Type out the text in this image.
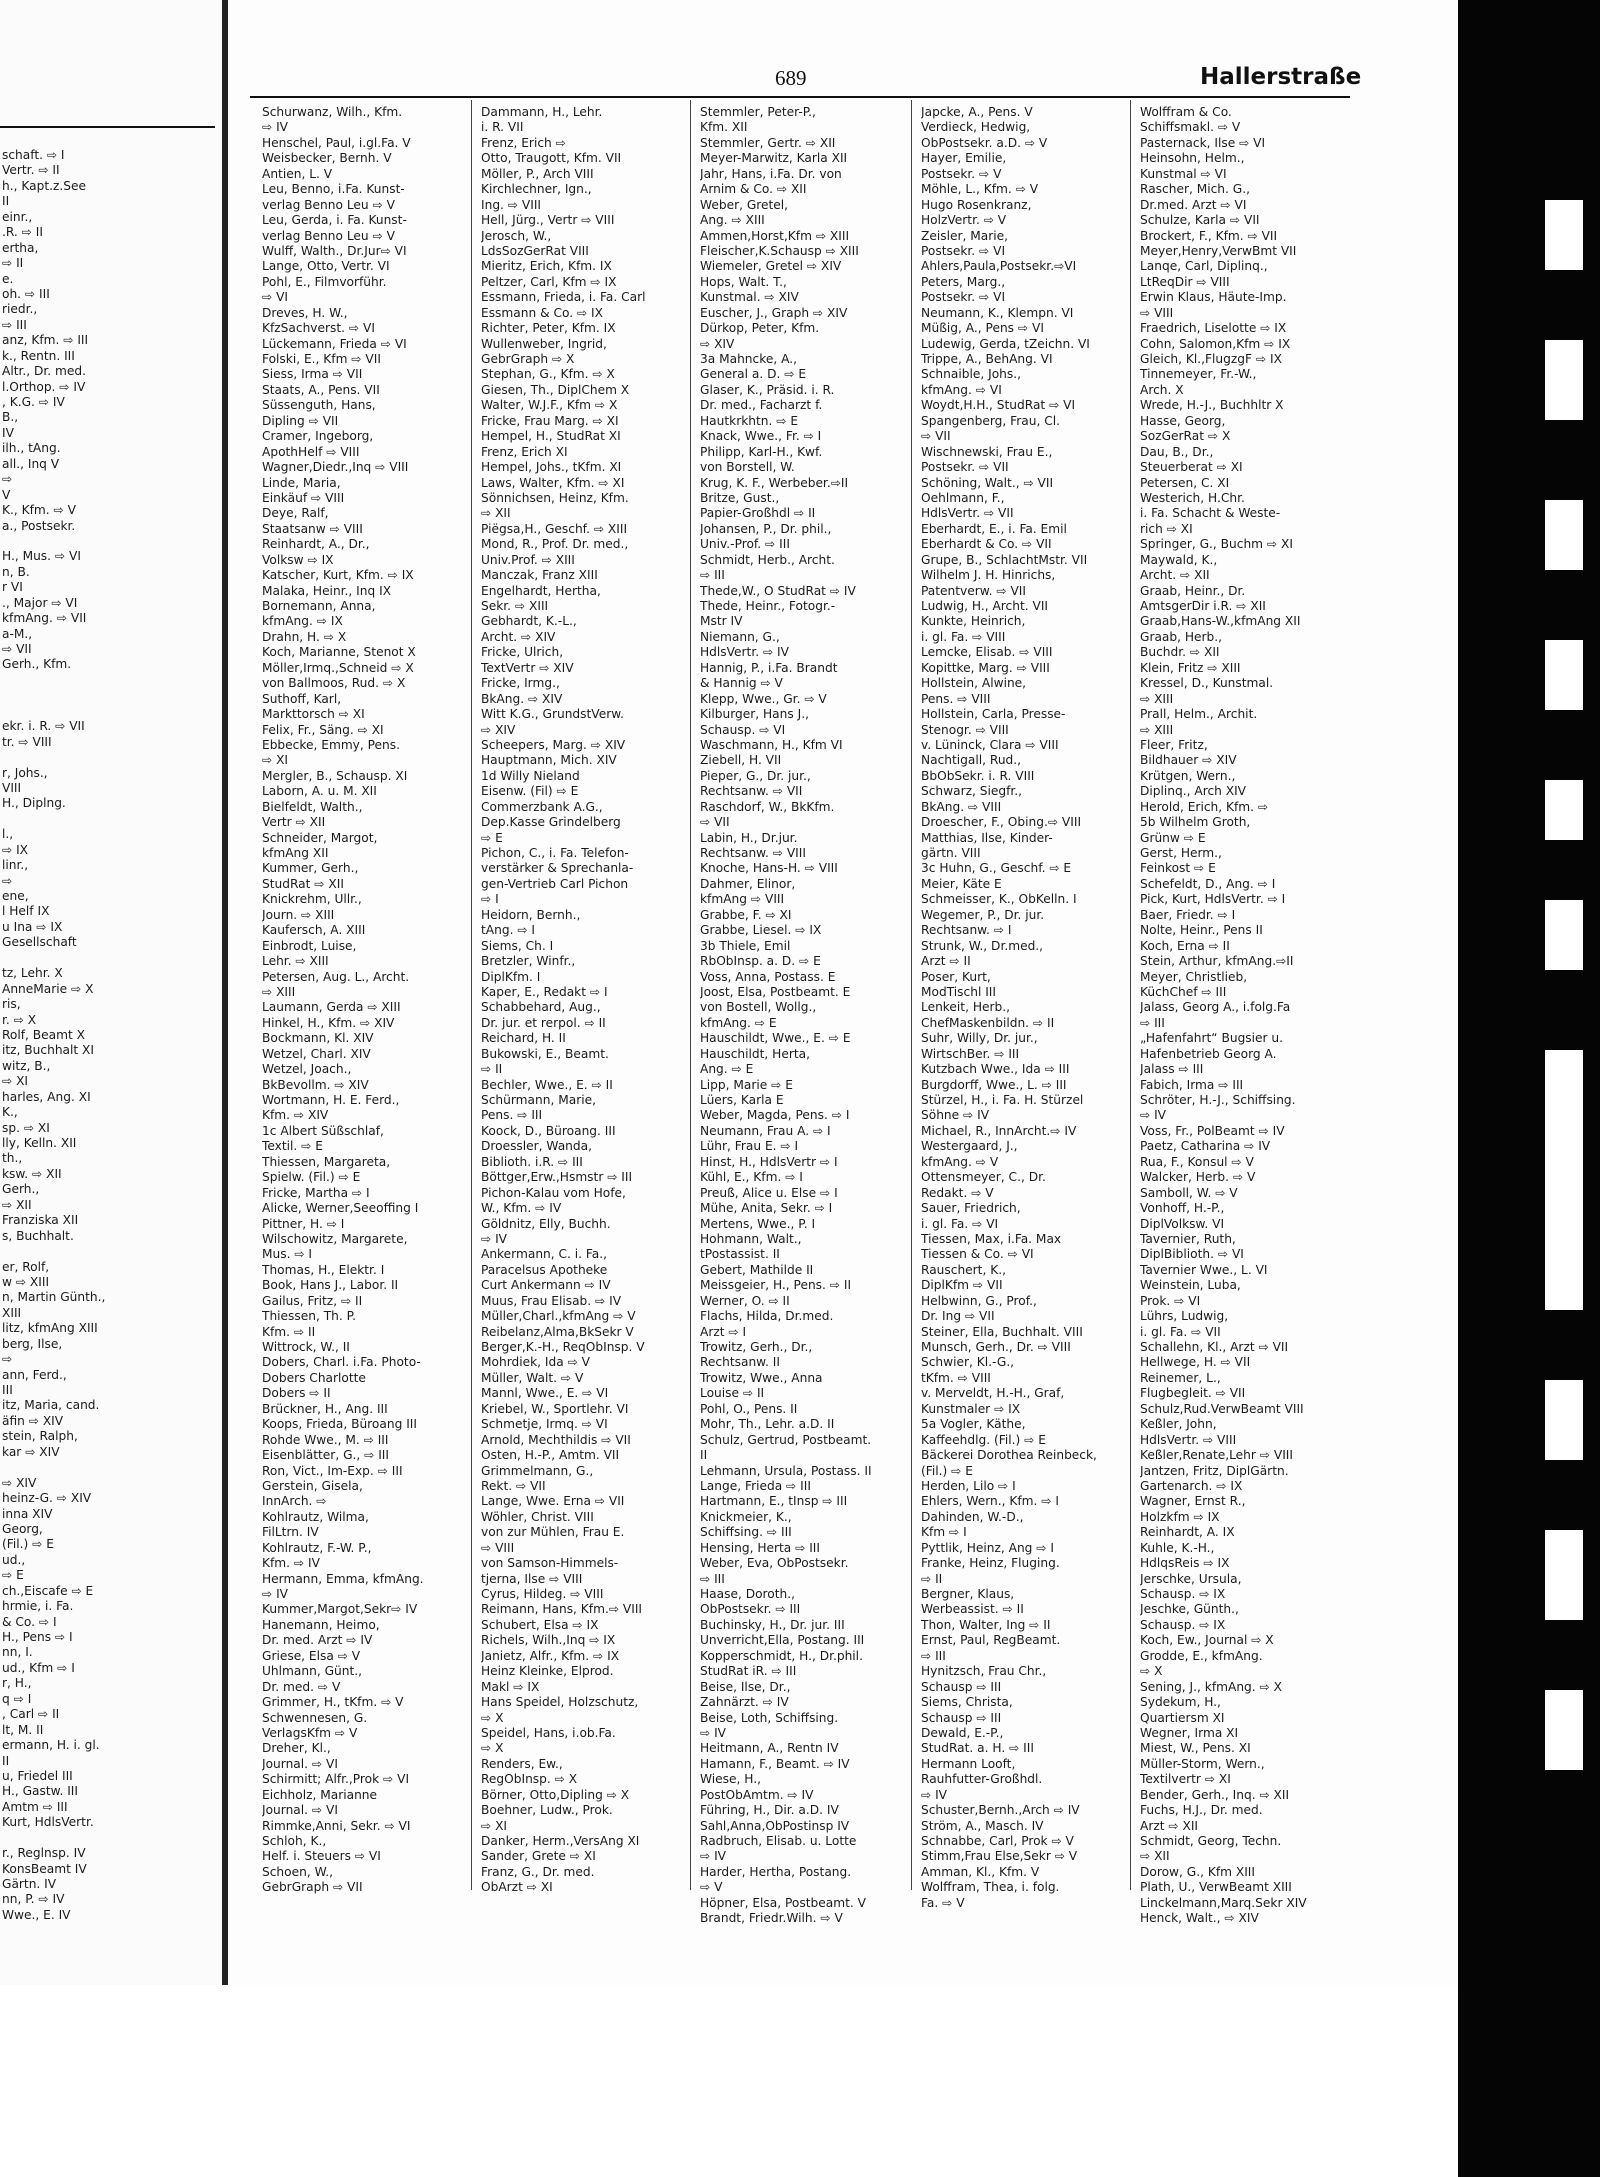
schaft. ⇨ I
Vertr. ⇨ II
h., Kapt.z.See
II
einr.,
.R. ⇨ II
ertha,
⇨ II
e.
oh. ⇨ III
riedr.,
⇨ III
anz, Kfm. ⇨ III
k., Rentn. III
Altr., Dr. med.
l.Orthop. ⇨ IV
, K.G. ⇨ IV
B.,
IV
ilh., tAng.
all., Inq V
⇨
V
K., Kfm. ⇨ V
a., Postsekr.
H., Mus. ⇨ VI
n, B.
r VI
., Major ⇨ VI
kfmAng. ⇨ VII
a-M.,
⇨ VII
Gerh., Kfm.
ekr. i. R. ⇨ VII
tr. ⇨ VIII
r, Johs.,
VIII
H., Diplng.
l.,
⇨ IX
linr.,
⇨
ene,
l Helf IX
u Ina ⇨ IX
Gesellschaft
tz, Lehr. X
AnneMarie ⇨ X
ris,
r. ⇨ X
Rolf, Beamt X
itz, Buchhalt XI
witz, B.,
⇨ XI
harles, Ang. XI
K.,
sp. ⇨ XI
lly, Kelln. XII
th.,
ksw. ⇨ XII
Gerh.,
⇨ XII
Franziska XII
s, Buchhalt.
er, Rolf,
w ⇨ XIII
n, Martin Günth.,
XIII
litz, kfmAng XIII
berg, Ilse,
⇨
ann, Ferd.,
III
itz, Maria, cand.
äfin ⇨ XIV
stein, Ralph,
kar ⇨ XIV
⇨ XIV
heinz-G. ⇨ XIV
inna XIV
Georg,
(Fil.) ⇨ E
ud.,
⇨ E
ch.,Eiscafe ⇨ E
hrmie, i. Fa.
& Co. ⇨ I
H., Pens ⇨ I
nn, I.
ud., Kfm ⇨ I
r, H.,
q ⇨ I
, Carl ⇨ II
lt, M. II
ermann, H. i. gl.
II
u, Friedel III
H., Gastw. III
Amtm ⇨ III
Kurt, HdlsVertr.
r., Reglnsp. IV
KonsBeamt IV
Gärtn. IV
nn, P. ⇨ IV
Wwe., E. IV
689	Hallerstraße
Schurwanz, Wilh., Kfm.
⇨ IV
Henschel, Paul, i.gl.Fa. V
Weisbecker, Bernh. V
Antien, L. V
Leu, Benno, i.Fa. Kunst-
verlag Benno Leu ⇨ V
Leu, Gerda, i. Fa. Kunst-
verlag Benno Leu ⇨ V
Wulff, Walth., Dr.Jur⇨ VI
Lange, Otto, Vertr. VI
Pohl, E., Filmvorführ.
⇨ VI
Dreves, H. W.,
KfzSachverst. ⇨ VI
Lückemann, Frieda ⇨ VI
Folski, E., Kfm ⇨ VII
Siess, Irma ⇨ VII
Staats, A., Pens. VII
Süssenguth, Hans,
Dipling ⇨ VII
Cramer, Ingeborg,
ApothHelf ⇨ VIII
Wagner,Diedr.,Inq ⇨ VIII
Linde, Maria,
Einkäuf ⇨ VIII
Deye, Ralf,
Staatsanw ⇨ VIII
Reinhardt, A., Dr.,
Volksw ⇨ IX
Katscher, Kurt, Kfm. ⇨ IX
Malaka, Heinr., Inq IX
Bornemann, Anna,
kfmAng. ⇨ IX
Drahn, H. ⇨ X
Koch, Marianne, Stenot X
Möller,Irmq.,Schneid ⇨ X
von Ballmoos, Rud. ⇨ X
Suthoff, Karl,
Markttorsch ⇨ XI
Felix, Fr., Säng. ⇨ XI
Ebbecke, Emmy, Pens.
⇨ XI
Mergler, B., Schausp. XI
Laborn, A. u. M. XII
Bielfeldt, Walth.,
Vertr ⇨ XII
Schneider, Margot,
kfmAng XII
Kummer, Gerh.,
StudRat ⇨ XII
Knickrehm, Ullr.,
Journ. ⇨ XIII
Kaufersch, A. XIII
Einbrodt, Luise,
Lehr. ⇨ XIII
Petersen, Aug. L., Archt.
⇨ XIII
Laumann, Gerda ⇨ XIII
Hinkel, H., Kfm. ⇨ XIV
Bockmann, Kl. XIV
Wetzel, Charl. XIV
Wetzel, Joach.,
BkBevollm. ⇨ XIV
Wortmann, H. E. Ferd.,
Kfm. ⇨ XIV
1c Albert Süßschlaf,
Textil. ⇨ E
Thiessen, Margareta,
Spielw. (Fil.) ⇨ E
Fricke, Martha ⇨ I
Alicke, Werner,Seeoffing I
Pittner, H. ⇨ I
Wilschowitz, Margarete,
Mus. ⇨ I
Thomas, H., Elektr. I
Book, Hans J., Labor. II
Gailus, Fritz, ⇨ II
Thiessen, Th. P.
Kfm. ⇨ II
Wittrock, W., II
Dobers, Charl. i.Fa. Photo-
Dobers Charlotte
Dobers ⇨ II
Brückner, H., Ang. III
Koops, Frieda, Büroang III
Rohde Wwe., M. ⇨ III
Eisenblätter, G., ⇨ III
Ron, Vict., Im-Exp. ⇨ III
Gerstein, Gisela,
InnArch. ⇨
Kohlrautz, Wilma,
FilLtrn. IV
Kohlrautz, F.-W. P.,
Kfm. ⇨ IV
Hermann, Emma, kfmAng.
⇨ IV
Kummer,Margot,Sekr⇨ IV
Hanemann, Heimo,
Dr. med. Arzt ⇨ IV
Griese, Elsa ⇨ V
Uhlmann, Günt.,
Dr. med. ⇨ V
Grimmer, H., tKfm. ⇨ V
Schwennesen, G.
VerlagsKfm ⇨ V
Dreher, Kl.,
Journal. ⇨ VI
Schirmitt; Alfr.,Prok ⇨ VI
Eichholz, Marianne
Journal. ⇨ VI
Rimmke,Anni, Sekr. ⇨ VI
Schloh, K.,
Helf. i. Steuers ⇨ VI
Schoen, W.,
GebrGraph ⇨ VII
Dammann, H., Lehr.
i. R. VII
Frenz, Erich ⇨
Otto, Traugott, Kfm. VII
Möller, P., Arch VIII
Kirchlechner, Ign.,
Ing. ⇨ VIII
Hell, Jürg., Vertr ⇨ VIII
Jerosch, W.,
LdsSozGerRat VIII
Mieritz, Erich, Kfm. IX
Peltzer, Carl, Kfm ⇨ IX
Essmann, Frieda, i. Fa. Carl
Essmann & Co. ⇨ IX
Richter, Peter, Kfm. IX
Wullenweber, Ingrid,
GebrGraph ⇨ X
Stephan, G., Kfm. ⇨ X
Giesen, Th., DiplChem X
Walter, W.J.F., Kfm ⇨ X
Fricke, Frau Marg. ⇨ XI
Hempel, H., StudRat XI
Frenz, Erich XI
Hempel, Johs., tKfm. XI
Laws, Walter, Kfm. ⇨ XI
Sönnichsen, Heinz, Kfm.
⇨ XII
Piëgsa,H., Geschf. ⇨ XIII
Mond, R., Prof. Dr. med.,
Univ.Prof. ⇨ XIII
Manczak, Franz XIII
Engelhardt, Hertha,
Sekr. ⇨ XIII
Gebhardt, K.-L.,
Archt. ⇨ XIV
Fricke, Ulrich,
TextVertr ⇨ XIV
Fricke, Irmg.,
BkAng. ⇨ XIV
Witt K.G., GrundstVerw.
⇨ XIV
Scheepers, Marg. ⇨ XIV
Hauptmann, Mich. XIV
1d Willy Nieland
Eisenw. (Fil) ⇨ E
Commerzbank A.G.,
Dep.Kasse Grindelberg
⇨ E
Pichon, C., i. Fa. Telefon-
verstärker & Sprechanla-
gen-Vertrieb Carl Pichon
⇨ I
Heidorn, Bernh.,
tAng. ⇨ I
Siems, Ch. I
Bretzler, Winfr.,
DiplKfm. I
Kaper, E., Redakt ⇨ I
Schabbehard, Aug.,
Dr. jur. et rerpol. ⇨ II
Reichard, H. II
Bukowski, E., Beamt.
⇨ II
Bechler, Wwe., E. ⇨ II
Schürmann, Marie,
Pens. ⇨ III
Koock, D., Büroang. III
Droessler, Wanda,
Biblioth. i.R. ⇨ III
Böttger,Erw.,Hsmstr ⇨ III
Pichon-Kalau vom Hofe,
W., Kfm. ⇨ IV
Göldnitz, Elly, Buchh.
⇨ IV
Ankermann, C. i. Fa.,
Paracelsus Apotheke
Curt Ankermann ⇨ IV
Muus, Frau Elisab. ⇨ IV
Müller,Charl.,kfmAng ⇨ V
Reibelanz,Alma,BkSekr V
Berger,K.-H., ReqObInsp. V
Mohrdiek, Ida ⇨ V
Müller, Walt. ⇨ V
Mannl, Wwe., E. ⇨ VI
Kriebel, W., Sportlehr. VI
Schmetje, Irmq. ⇨ VI
Arnold, Mechthildis ⇨ VII
Osten, H.-P., Amtm. VII
Grimmelmann, G.,
Rekt. ⇨ VII
Lange, Wwe. Erna ⇨ VII
Wöhler, Christ. VIII
von zur Mühlen, Frau E.
⇨ VIII
von Samson-Himmels-
tjerna, Ilse ⇨ VIII
Cyrus, Hildeg. ⇨ VIII
Reimann, Hans, Kfm.⇨ VIII
Schubert, Elsa ⇨ IX
Richels, Wilh.,Inq ⇨ IX
Janietz, Alfr., Kfm. ⇨ IX
Heinz Kleinke, Elprod.
Makl ⇨ IX
Hans Speidel, Holzschutz,
⇨ X
Speidel, Hans, i.ob.Fa.
⇨ X
Renders, Ew.,
RegObInsp. ⇨ X
Börner, Otto,Dipling ⇨ X
Boehner, Ludw., Prok.
⇨ XI
Danker, Herm.,VersAng XI
Sander, Grete ⇨ XI
Franz, G., Dr. med.
ObArzt ⇨ XI
Stemmler, Peter-P.,
Kfm. XII
Stemmler, Gertr. ⇨ XII
Meyer-Marwitz, Karla XII
Jahr, Hans, i.Fa. Dr. von
Arnim & Co. ⇨ XII
Weber, Gretel,
Ang. ⇨ XIII
Ammen,Horst,Kfm ⇨ XIII
Fleischer,K.Schausp ⇨ XIII
Wiemeler, Gretel ⇨ XIV
Hops, Walt. T.,
Kunstmal. ⇨ XIV
Euscher, J., Graph ⇨ XIV
Dürkop, Peter, Kfm.
⇨ XIV
3a Mahncke, A.,
General a. D. ⇨ E
Glaser, K., Präsid. i. R.
Dr. med., Facharzt f.
Hautkrkhtn. ⇨ E
Knack, Wwe., Fr. ⇨ I
Philipp, Karl-H., Kwf.
von Borstell, W.
Krug, K. F., Werbeber.⇨II
Britze, Gust.,
Papier-Großhdl ⇨ II
Johansen, P., Dr. phil.,
Univ.-Prof. ⇨ III
Schmidt, Herb., Archt.
⇨ III
Thede,W., O StudRat ⇨ IV
Thede, Heinr., Fotogr.-
Mstr IV
Niemann, G.,
HdlsVertr. ⇨ IV
Hannig, P., i.Fa. Brandt
& Hannig ⇨ V
Klepp, Wwe., Gr. ⇨ V
Kilburger, Hans J.,
Schausp. ⇨ VI
Waschmann, H., Kfm VI
Ziebell, H. VII
Pieper, G., Dr. jur.,
Rechtsanw. ⇨ VII
Raschdorf, W., BkKfm.
⇨ VII
Labin, H., Dr.jur.
Rechtsanw. ⇨ VIII
Knoche, Hans-H. ⇨ VIII
Dahmer, Elinor,
kfmAng ⇨ VIII
Grabbe, F. ⇨ XI
Grabbe, Liesel. ⇨ IX
3b Thiele, Emil
RbObInsp. a. D. ⇨ E
Voss, Anna, Postass. E
Joost, Elsa, Postbeamt. E
von Bostell, Wollg.,
kfmAng. ⇨ E
Hauschildt, Wwe., E. ⇨ E
Hauschildt, Herta,
Ang. ⇨ E
Lipp, Marie ⇨ E
Lüers, Karla E
Weber, Magda, Pens. ⇨ I
Neumann, Frau A. ⇨ I
Lühr, Frau E. ⇨ I
Hinst, H., HdlsVertr ⇨ I
Kühl, E., Kfm. ⇨ I
Preuß, Alice u. Else ⇨ I
Mühe, Anita, Sekr. ⇨ I
Mertens, Wwe., P. I
Hohmann, Walt.,
tPostassist. II
Gebert, Mathilde II
Meissgeier, H., Pens. ⇨ II
Werner, O. ⇨ II
Flachs, Hilda, Dr.med.
Arzt ⇨ I
Trowitz, Gerh., Dr.,
Rechtsanw. II
Trowitz, Wwe., Anna
Louise ⇨ II
Pohl, O., Pens. II
Mohr, Th., Lehr. a.D. II
Schulz, Gertrud, Postbeamt.
II
Lehmann, Ursula, Postass. II
Lange, Frieda ⇨ III
Hartmann, E., tInsp ⇨ III
Knickmeier, K.,
Schiffsing. ⇨ III
Hensing, Herta ⇨ III
Weber, Eva, ObPostsekr.
⇨ III
Haase, Doroth.,
ObPostsekr. ⇨ III
Buchinsky, H., Dr. jur. III
Unverricht,Ella, Postang. III
Kopperschmidt, H., Dr.phil.
StudRat iR. ⇨ III
Beise, Ilse, Dr.,
Zahnärzt. ⇨ IV
Beise, Loth, Schiffsing.
⇨ IV
Heitmann, A., Rentn IV
Hamann, F., Beamt. ⇨ IV
Wiese, H.,
PostObAmtm. ⇨ IV
Führing, H., Dir. a.D. IV
Sahl,Anna,ObPostinsp IV
Radbruch, Elisab. u. Lotte
⇨ IV
Harder, Hertha, Postang.
⇨ V
Höpner, Elsa, Postbeamt. V
Brandt, Friedr.Wilh. ⇨ V
Japcke, A., Pens. V
Verdieck, Hedwig,
ObPostsekr. a.D. ⇨ V
Hayer, Emilie,
Postsekr. ⇨ V
Möhle, L., Kfm. ⇨ V
Hugo Rosenkranz,
HolzVertr. ⇨ V
Zeisler, Marie,
Postsekr. ⇨ VI
Ahlers,Paula,Postsekr.⇨VI
Peters, Marg.,
Postsekr. ⇨ VI
Neumann, K., Klempn. VI
Müßig, A., Pens ⇨ VI
Ludewig, Gerda, tZeichn. VI
Trippe, A., BehAng. VI
Schnaible, Johs.,
kfmAng. ⇨ VI
Woydt,H.H., StudRat ⇨ VI
Spangenberg, Frau, Cl.
⇨ VII
Wischnewski, Frau E.,
Postsekr. ⇨ VII
Schöning, Walt., ⇨ VII
Oehlmann, F.,
HdlsVertr. ⇨ VII
Eberhardt, E., i. Fa. Emil
Eberhardt & Co. ⇨ VII
Grupe, B., SchlachtMstr. VII
Wilhelm J. H. Hinrichs,
Patentverw. ⇨ VII
Ludwig, H., Archt. VII
Kunkte, Heinrich,
i. gl. Fa. ⇨ VIII
Lemcke, Elisab. ⇨ VIII
Kopittke, Marg. ⇨ VIII
Hollstein, Alwine,
Pens. ⇨ VIII
Hollstein, Carla, Presse-
Stenogr. ⇨ VIII
v. Lüninck, Clara ⇨ VIII
Nachtigall, Rud.,
BbObSekr. i. R. VIII
Schwarz, Siegfr.,
BkAng. ⇨ VIII
Droescher, F., Obing.⇨ VIII
Matthias, Ilse, Kinder-
gärtn. VIII
3c Huhn, G., Geschf. ⇨ E
Meier, Käte E
Schmeisser, K., ObKelln. I
Wegemer, P., Dr. jur.
Rechtsanw. ⇨ I
Strunk, W., Dr.med.,
Arzt ⇨ II
Poser, Kurt,
ModTischl III
Lenkeit, Herb.,
ChefMaskenbildn. ⇨ II
Suhr, Willy, Dr. jur.,
WirtschBer. ⇨ III
Kutzbach Wwe., Ida ⇨ III
Burgdorff, Wwe., L. ⇨ III
Stürzel, H., i. Fa. H. Stürzel
Söhne ⇨ IV
Michael, R., InnArcht.⇨ IV
Westergaard, J.,
kfmAng. ⇨ V
Ottensmeyer, C., Dr.
Redakt. ⇨ V
Sauer, Friedrich,
i. gl. Fa. ⇨ VI
Tiessen, Max, i.Fa. Max
Tiessen & Co. ⇨ VI
Rauschert, K.,
DiplKfm ⇨ VII
Helbwinn, G., Prof.,
Dr. Ing ⇨ VII
Steiner, Ella, Buchhalt. VIII
Munsch, Gerh., Dr. ⇨ VIII
Schwier, Kl.-G.,
tKfm. ⇨ VIII
v. Merveldt, H.-H., Graf,
Kunstmaler ⇨ IX
5a Vogler, Käthe,
Kaffeehdlg. (Fil.) ⇨ E
Bäckerei Dorothea Reinbeck,
(Fil.) ⇨ E
Herden, Lilo ⇨ I
Ehlers, Wern., Kfm. ⇨ I
Dahinden, W.-D.,
Kfm ⇨ I
Pyttlik, Heinz, Ang ⇨ I
Franke, Heinz, Fluging.
⇨ II
Bergner, Klaus,
Werbeassist. ⇨ II
Thon, Walter, Ing ⇨ II
Ernst, Paul, RegBeamt.
⇨ III
Hynitzsch, Frau Chr.,
Schausp ⇨ III
Siems, Christa,
Schausp ⇨ III
Dewald, E.-P.,
StudRat. a. H. ⇨ III
Hermann Looft,
Rauhfutter-Großhdl.
⇨ IV
Schuster,Bernh.,Arch ⇨ IV
Ström, A., Masch. IV
Schnabbe, Carl, Prok ⇨ V
Stimm,Frau Else,Sekr ⇨ V
Amman, Kl., Kfm. V
Wolffram, Thea, i. folg.
Fa. ⇨ V
Wolffram & Co.
Schiffsmakl. ⇨ V
Pasternack, Ilse ⇨ VI
Heinsohn, Helm.,
Kunstmal ⇨ VI
Rascher, Mich. G.,
Dr.med. Arzt ⇨ VI
Schulze, Karla ⇨ VII
Brockert, F., Kfm. ⇨ VII
Meyer,Henry,VerwBmt VII
Lanqe, Carl, Diplinq.,
LtReqDir ⇨ VIII
Erwin Klaus, Häute-Imp.
⇨ VIII
Fraedrich, Liselotte ⇨ IX
Cohn, Salomon,Kfm ⇨ IX
Gleich, Kl.,FlugzgF ⇨ IX
Tinnemeyer, Fr.-W.,
Arch. X
Wrede, H.-J., Buchhltr X
Hasse, Georg,
SozGerRat ⇨ X
Dau, B., Dr.,
Steuerberat ⇨ XI
Petersen, C. XI
Westerich, H.Chr.
i. Fa. Schacht & Weste-
rich ⇨ XI
Springer, G., Buchm ⇨ XI
Maywald, K.,
Archt. ⇨ XII
Graab, Heinr., Dr.
AmtsgerDir i.R. ⇨ XII
Graab,Hans-W.,kfmAng XII
Graab, Herb.,
Buchdr. ⇨ XII
Klein, Fritz ⇨ XIII
Kressel, D., Kunstmal.
⇨ XIII
Prall, Helm., Archit.
⇨ XIII
Fleer, Fritz,
Bildhauer ⇨ XIV
Krütgen, Wern.,
Diplinq., Arch XIV
Herold, Erich, Kfm. ⇨
5b Wilhelm Groth,
Grünw ⇨ E
Gerst, Herm.,
Feinkost ⇨ E
Schefeldt, D., Ang. ⇨ I
Pick, Kurt, HdlsVertr. ⇨ I
Baer, Friedr. ⇨ I
Nolte, Heinr., Pens II
Koch, Erna ⇨ II
Stein, Arthur, kfmAng.⇨II
Meyer, Christlieb,
KüchChef ⇨ III
Jalass, Georg A., i.folg.Fa
⇨ III
„Hafenfahrt“ Bugsier u.
Hafenbetrieb Georg A.
Jalass ⇨ III
Fabich, Irma ⇨ III
Schröter, H.-J., Schiffsing.
⇨ IV
Voss, Fr., PolBeamt ⇨ IV
Paetz, Catharina ⇨ IV
Rua, F., Konsul ⇨ V
Walcker, Herb. ⇨ V
Samboll, W. ⇨ V
Vonhoff, H.-P.,
DiplVolksw. VI
Tavernier, Ruth,
DiplBiblioth. ⇨ VI
Tavernier Wwe., L. VI
Weinstein, Luba,
Prok. ⇨ VI
Lührs, Ludwig,
i. gl. Fa. ⇨ VII
Schallehn, Kl., Arzt ⇨ VII
Hellwege, H. ⇨ VII
Reinemer, L.,
Flugbegleit. ⇨ VII
Schulz,Rud.VerwBeamt VIII
Keßler, John,
HdlsVertr. ⇨ VIII
Keßler,Renate,Lehr ⇨ VIII
Jantzen, Fritz, DiplGärtn.
Gartenarch. ⇨ IX
Wagner, Ernst R.,
Holzkfm ⇨ IX
Reinhardt, A. IX
Kuhle, K.-H.,
HdlqsReis ⇨ IX
Jerschke, Ursula,
Schausp. ⇨ IX
Jeschke, Günth.,
Schausp. ⇨ IX
Koch, Ew., Journal ⇨ X
Grodde, E., kfmAng.
⇨ X
Sening, J., kfmAng. ⇨ X
Sydekum, H.,
Quartiersm XI
Wegner, Irma XI
Miest, W., Pens. XI
Müller-Storm, Wern.,
Textilvertr ⇨ XI
Bender, Gerh., Inq. ⇨ XII
Fuchs, H.J., Dr. med.
Arzt ⇨ XII
Schmidt, Georg, Techn.
⇨ XII
Dorow, G., Kfm XIII
Plath, U., VerwBeamt XIII
Linckelmann,Marq.Sekr XIV
Henck, Walt., ⇨ XIV
